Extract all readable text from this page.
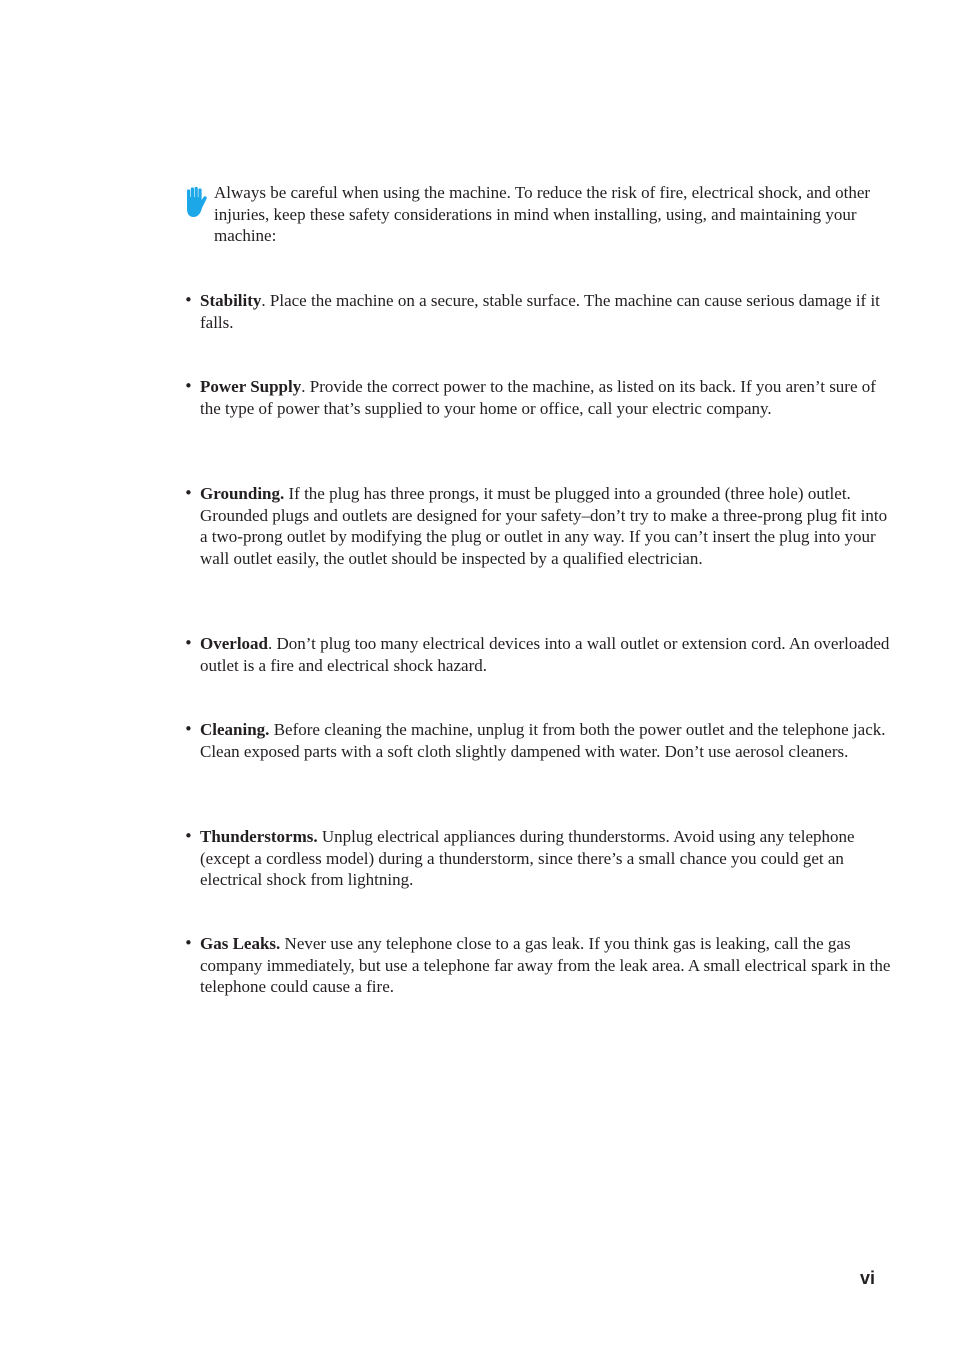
Always be careful when using the machine. To reduce the risk of fire, electrical shock, and other injuries, keep these safety considerations in mind when installing, using, and maintaining your machine:
• Stability. Place the machine on a secure, stable surface. The machine can cause serious damage if it falls.
• Power Supply. Provide the correct power to the machine, as listed on its back. If you aren’t sure of the type of power that’s supplied to your home or office, call your electric company.
• Grounding. If the plug has three prongs, it must be plugged into a grounded (three hole) outlet. Grounded plugs and outlets are designed for your safety–don’t try to make a three-prong plug fit into a two-prong outlet by modifying the plug or outlet in any way. If you can’t insert the plug into your wall outlet easily, the outlet should be inspected by a qualified electrician.
• Overload. Don’t plug too many electrical devices into a wall outlet or extension cord. An overloaded outlet is a fire and electrical shock hazard.
• Cleaning. Before cleaning the machine, unplug it from both the power outlet and the telephone jack. Clean exposed parts with a soft cloth slightly dampened with water. Don’t use aerosol cleaners.
• Thunderstorms. Unplug electrical appliances during thunderstorms. Avoid using any telephone (except a cordless model) during a thunderstorm, since there’s a small chance you could get an electrical shock from lightning.
• Gas Leaks. Never use any telephone close to a gas leak. If you think gas is leaking, call the gas company immediately, but use a telephone far away from the leak area. A small electrical spark in the telephone could cause a fire.
vi
